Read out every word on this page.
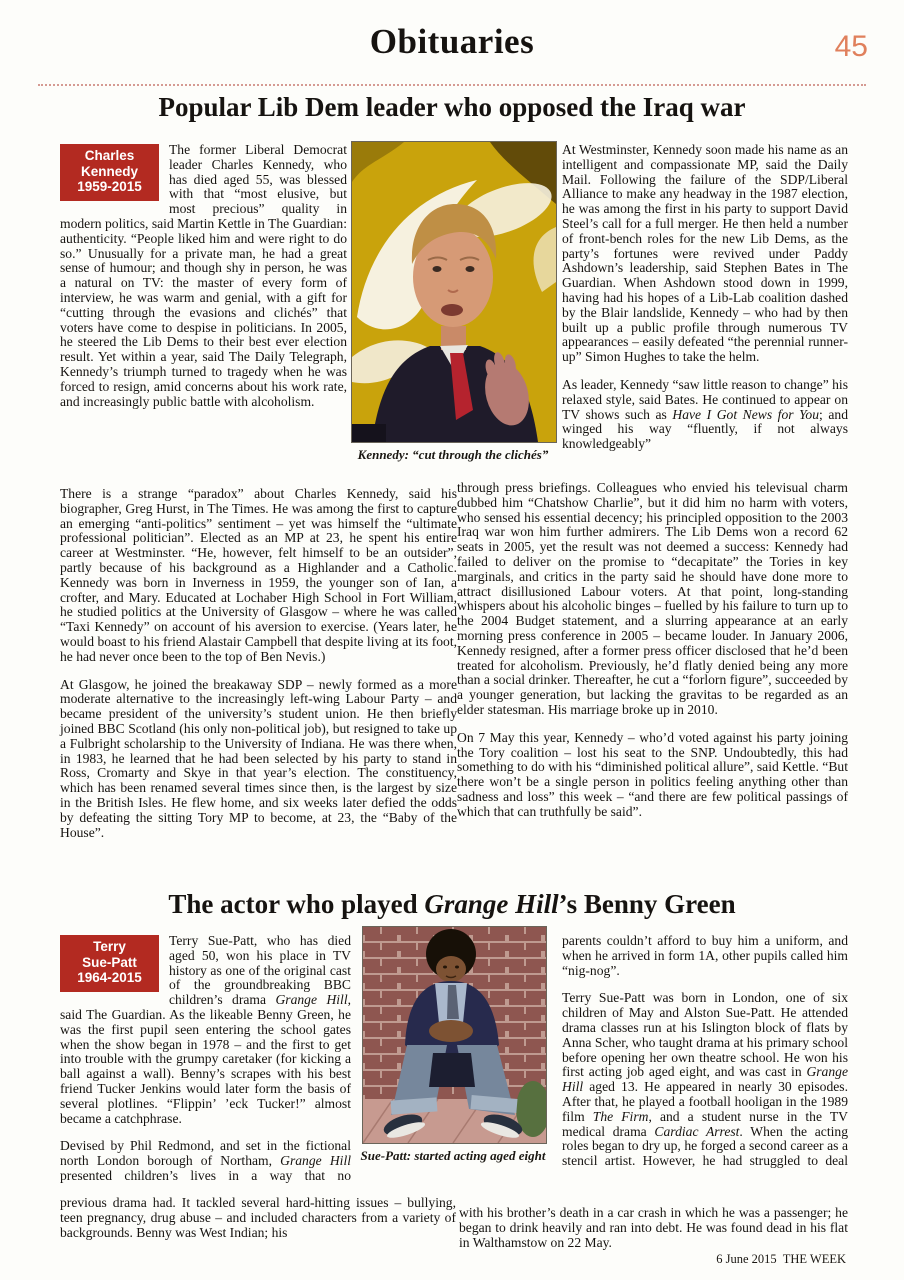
Obituaries	45
Popular Lib Dem leader who opposed the Iraq war
Charles
Kennedy
1959-2015

The former Liberal Democrat leader Charles Kennedy, who has died aged 55, was blessed with that “most elusive, but most precious” quality in modern politics, said Martin Kettle in The Guardian: authenticity. “People liked him and were right to do so.” Unusually for a private man, he had a great sense of humour; and though shy in person, he was a natural on TV: the master of every form of interview, he was warm and genial, with a gift for “cutting through the evasions and clichés” that voters have come to despise in politicians. In 2005, he steered the Lib Dems to their best ever election result. Yet within a year, said The Daily Telegraph, Kennedy’s triumph turned to tragedy when he was forced to resign, amid concerns about his work rate, and increasingly public battle with alcoholism.

Kennedy: “cut through the clichés”

There is a strange “paradox” about Charles Kennedy, said his biographer, Greg Hurst, in The Times. He was among the first to capture an emerging “anti-politics” sentiment – yet was himself the “ultimate professional politician”. Elected as an MP at 23, he spent his entire career at Westminster. “He, however, felt himself to be an outsider”, partly because of his background as a Highlander and a Catholic. Kennedy was born in Inverness in 1959, the younger son of Ian, a crofter, and Mary. Educated at Lochaber High School in Fort William, he studied politics at the University of Glasgow – where he was called “Taxi Kennedy” on account of his aversion to exercise. (Years later, he would boast to his friend Alastair Campbell that despite living at its foot, he had never once been to the top of Ben Nevis.)

At Glasgow, he joined the breakaway SDP – newly formed as a more moderate alternative to the increasingly left-wing Labour Party – and became president of the university’s student union. He then briefly joined BBC Scotland (his only non-political job), but resigned to take up a Fulbright scholarship to the University of Indiana. He was there when, in 1983, he learned that he had been selected by his party to stand in Ross, Cromarty and Skye in that year’s election. The constituency, which has been renamed several times since then, is the largest by size in the British Isles. He flew home, and six weeks later defied the odds by defeating the sitting Tory MP to become, at 23, the “Baby of the House”.

At Westminster, Kennedy soon made his name as an intelligent and compassionate MP, said the Daily Mail. Following the failure of the SDP/Liberal Alliance to make any headway in the 1987 election, he was among the first in his party to support David Steel’s call for a full merger. He then held a number of front-bench roles for the new Lib Dems, as the party’s fortunes were revived under Paddy Ashdown’s leadership, said Stephen Bates in The Guardian. When Ashdown stood down in 1999, having had his hopes of a Lib-Lab coalition dashed by the Blair landslide, Kennedy – who had by then built up a public profile through numerous TV appearances – easily defeated “the perennial runner-up” Simon Hughes to take the helm.

As leader, Kennedy “saw little reason to change” his relaxed style, said Bates. He continued to appear on TV shows such as Have I Got News for You; and winged his way “fluently, if not always knowledgeably”

through press briefings. Colleagues who envied his televisual charm dubbed him “Chatshow Charlie”, but it did him no harm with voters, who sensed his essential decency; his principled opposition to the 2003 Iraq war won him further admirers. The Lib Dems won a record 62 seats in 2005, yet the result was not deemed a success: Kennedy had failed to deliver on the promise to “decapitate” the Tories in key marginals, and critics in the party said he should have done more to attract disillusioned Labour voters. At that point, long-standing whispers about his alcoholic binges – fuelled by his failure to turn up to the 2004 Budget statement, and a slurring appearance at an early morning press conference in 2005 – became louder. In January 2006, Kennedy resigned, after a former press officer disclosed that he’d been treated for alcoholism. Previously, he’d flatly denied being any more than a social drinker. Thereafter, he cut a “forlorn figure”, succeeded by a younger generation, but lacking the gravitas to be regarded as an elder statesman. His marriage broke up in 2010.

On 7 May this year, Kennedy – who’d voted against his party joining the Tory coalition – lost his seat to the SNP. Undoubtedly, this had something to do with his “diminished political allure”, said Kettle. “But there won’t be a single person in politics feeling anything other than sadness and loss” this week – “and there are few political passings of which that can truthfully be said”.

The actor who played Grange Hill’s Benny Green
Terry
Sue-Patt
1964-2015

Terry Sue-Patt, who has died aged 50, won his place in TV history as one of the original cast of the groundbreaking BBC children’s drama Grange Hill, said The Guardian. As the likeable Benny Green, he was the first pupil seen entering the school gates when the show began in 1978 – and the first to get into trouble with the grumpy caretaker (for kicking a ball against a wall). Benny’s scrapes with his best friend Tucker Jenkins would later form the basis of several plotlines. “Flippin’ ’eck Tucker!” almost became a catchphrase.

Devised by Phil Redmond, and set in the fictional north London borough of Northam, Grange Hill presented children’s lives in a way that no

Sue-Patt: started acting aged eight

previous drama had. It tackled several hard-hitting issues – bullying, teen pregnancy, drug abuse – and included characters from a variety of backgrounds. Benny was West Indian; his

parents couldn’t afford to buy him a uniform, and when he arrived in form 1A, other pupils called him “nig-nog”.

Terry Sue-Patt was born in London, one of six children of May and Alston Sue-Patt. He attended drama classes run at his Islington block of flats by Anna Scher, who taught drama at his primary school before opening her own theatre school. He won his first acting job aged eight, and was cast in Grange Hill aged 13. He appeared in nearly 30 episodes. After that, he played a football hooligan in the 1989 film The Firm, and a student nurse in the TV medical drama Cardiac Arrest. When the acting roles began to dry up, he forged a second career as a stencil artist. However, he had struggled to deal

with his brother’s death in a car crash in which he was a passenger; he began to drink heavily and ran into debt. He was found dead in his flat in Walthamstow on 22 May.

6 June 2015  THE WEEK
